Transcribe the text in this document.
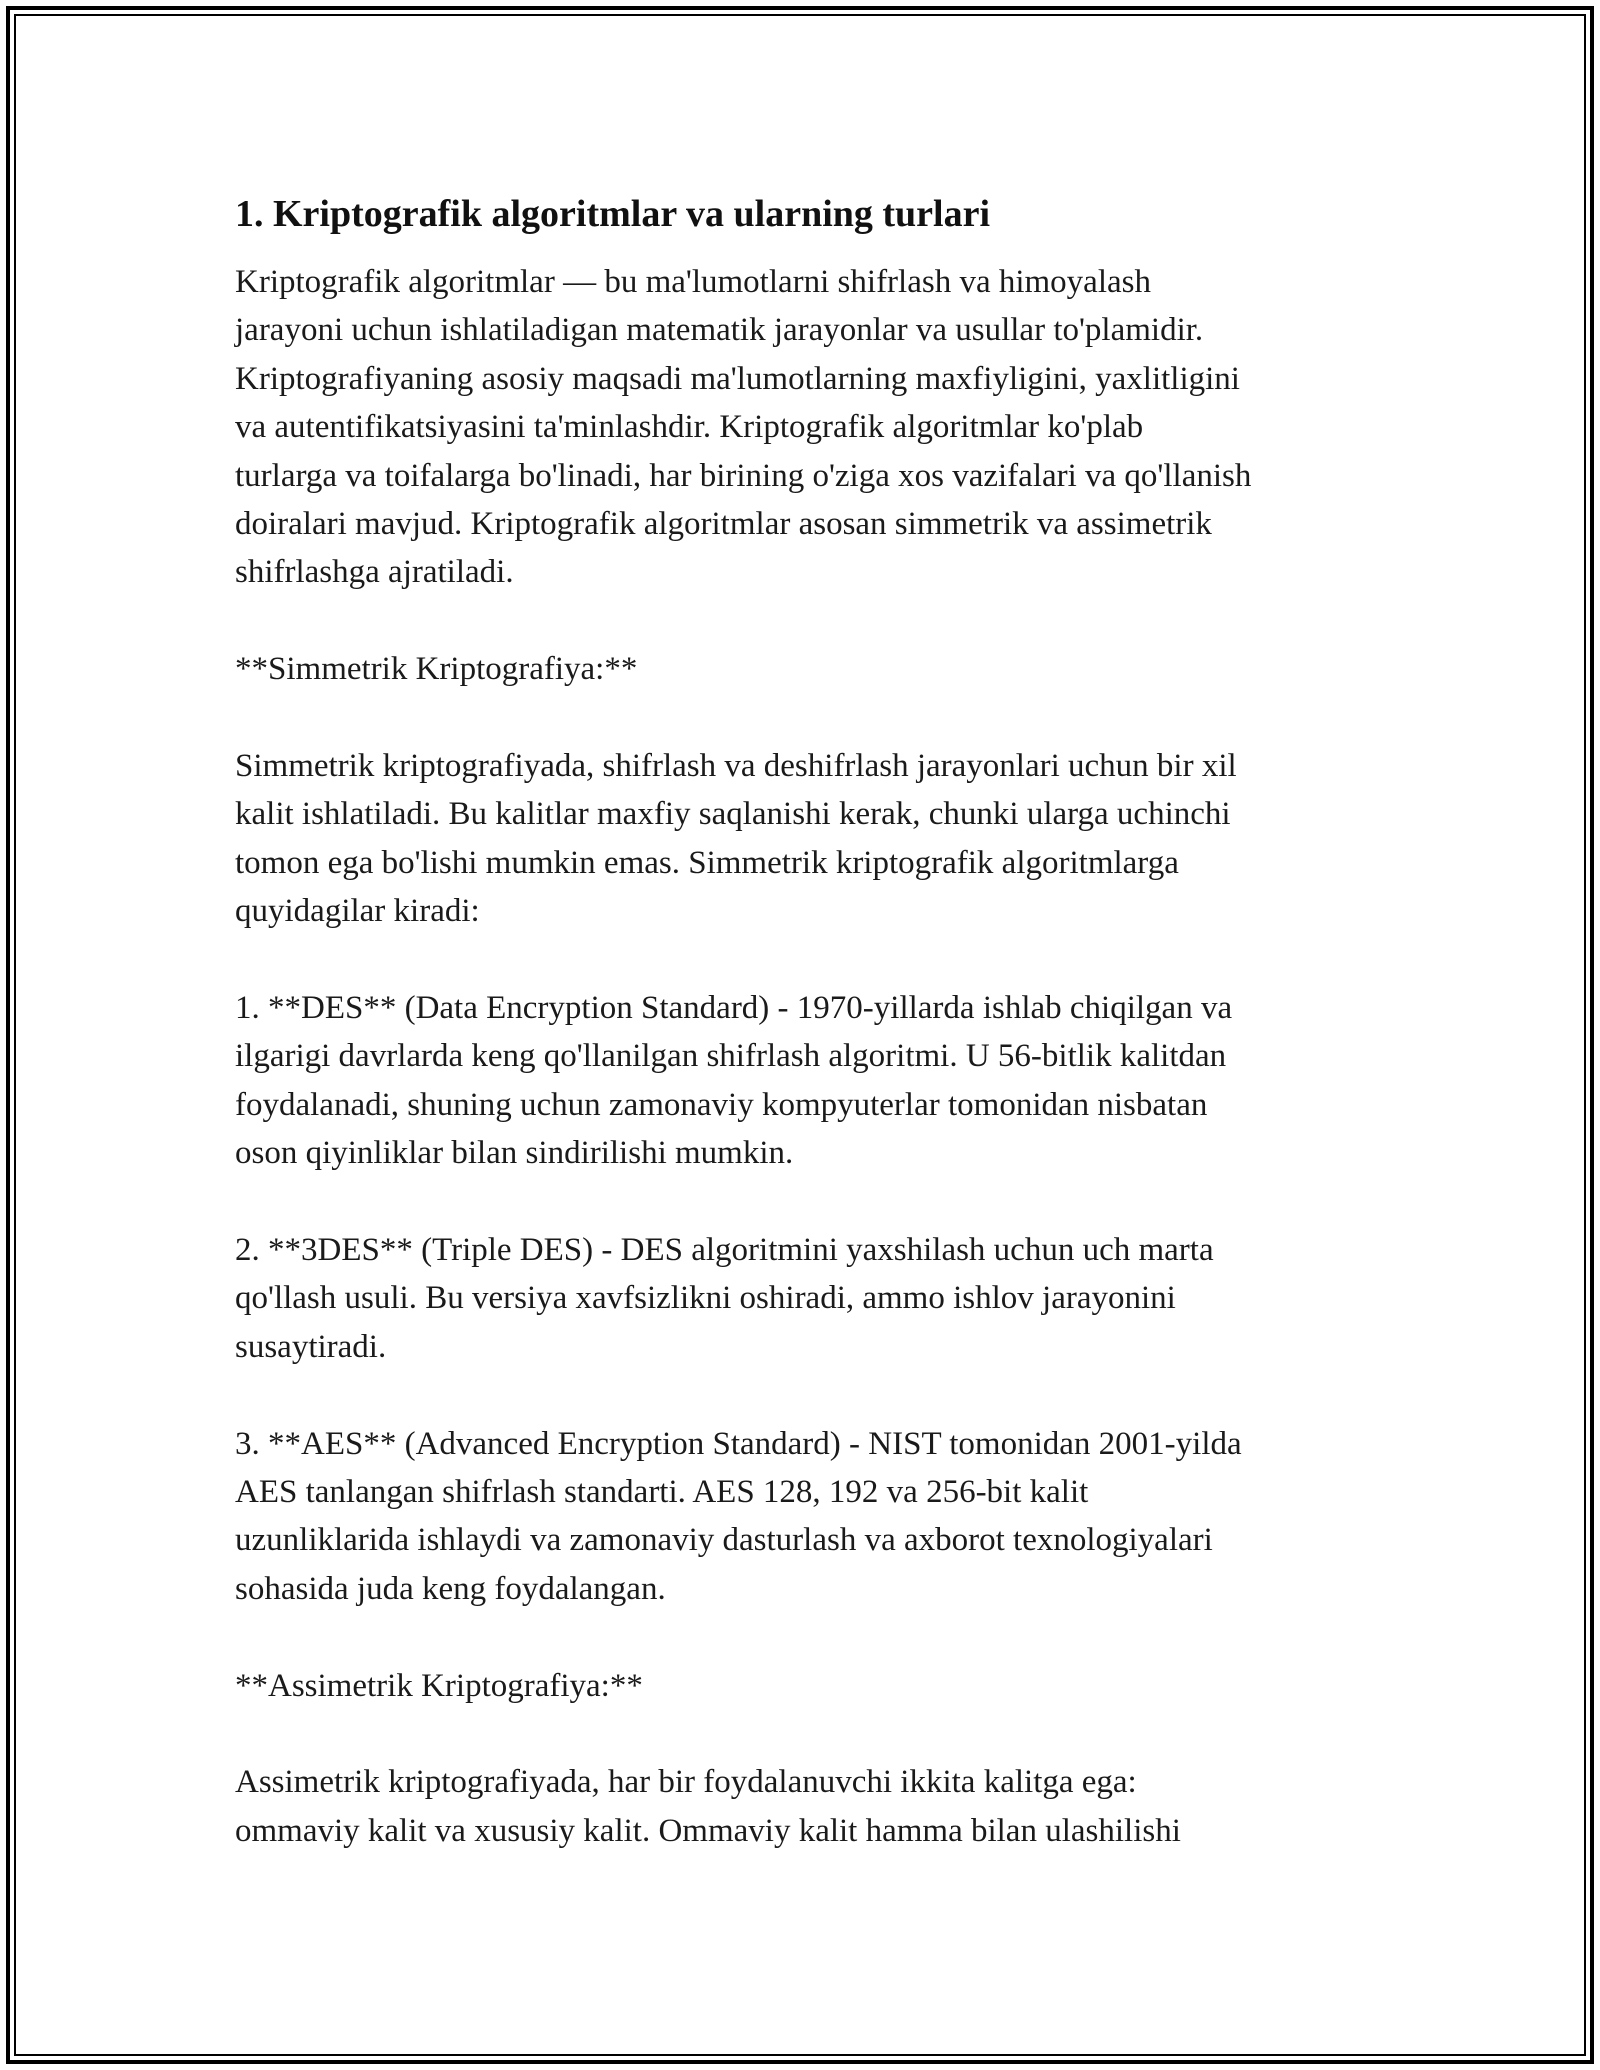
1. Kriptografik algoritmlar va ularning turlari

Kriptografik algoritmlar — bu ma'lumotlarni shifrlash va himoyalash
jarayoni uchun ishlatiladigan matematik jarayonlar va usullar to'plamidir.
Kriptografiyaning asosiy maqsadi ma'lumotlarning maxfiyligini, yaxlitligini
va autentifikatsiyasini ta'minlashdir. Kriptografik algoritmlar ko'plab
turlarga va toifalarga bo'linadi, har birining o'ziga xos vazifalari va qo'llanish
doiralari mavjud. Kriptografik algoritmlar asosan simmetrik va assimetrik
shifrlashga ajratiladi.

**Simmetrik Kriptografiya:**

Simmetrik kriptografiyada, shifrlash va deshifrlash jarayonlari uchun bir xil
kalit ishlatiladi. Bu kalitlar maxfiy saqlanishi kerak, chunki ularga uchinchi
tomon ega bo'lishi mumkin emas. Simmetrik kriptografik algoritmlarga
quyidagilar kiradi:

1. **DES** (Data Encryption Standard) - 1970-yillarda ishlab chiqilgan va
ilgarigi davrlarda keng qo'llanilgan shifrlash algoritmi. U 56-bitlik kalitdan
foydalanadi, shuning uchun zamonaviy kompyuterlar tomonidan nisbatan
oson qiyinliklar bilan sindirilishi mumkin.

2. **3DES** (Triple DES) - DES algoritmini yaxshilash uchun uch marta
qo'llash usuli. Bu versiya xavfsizlikni oshiradi, ammo ishlov jarayonini
susaytiradi.

3. **AES** (Advanced Encryption Standard) - NIST tomonidan 2001-yilda
AES tanlangan shifrlash standarti. AES 128, 192 va 256-bit kalit
uzunliklarida ishlaydi va zamonaviy dasturlash va axborot texnologiyalari
sohasida juda keng foydalangan.

**Assimetrik Kriptografiya:**

Assimetrik kriptografiyada, har bir foydalanuvchi ikkita kalitga ega:
ommaviy kalit va xususiy kalit. Ommaviy kalit hamma bilan ulashilishi
